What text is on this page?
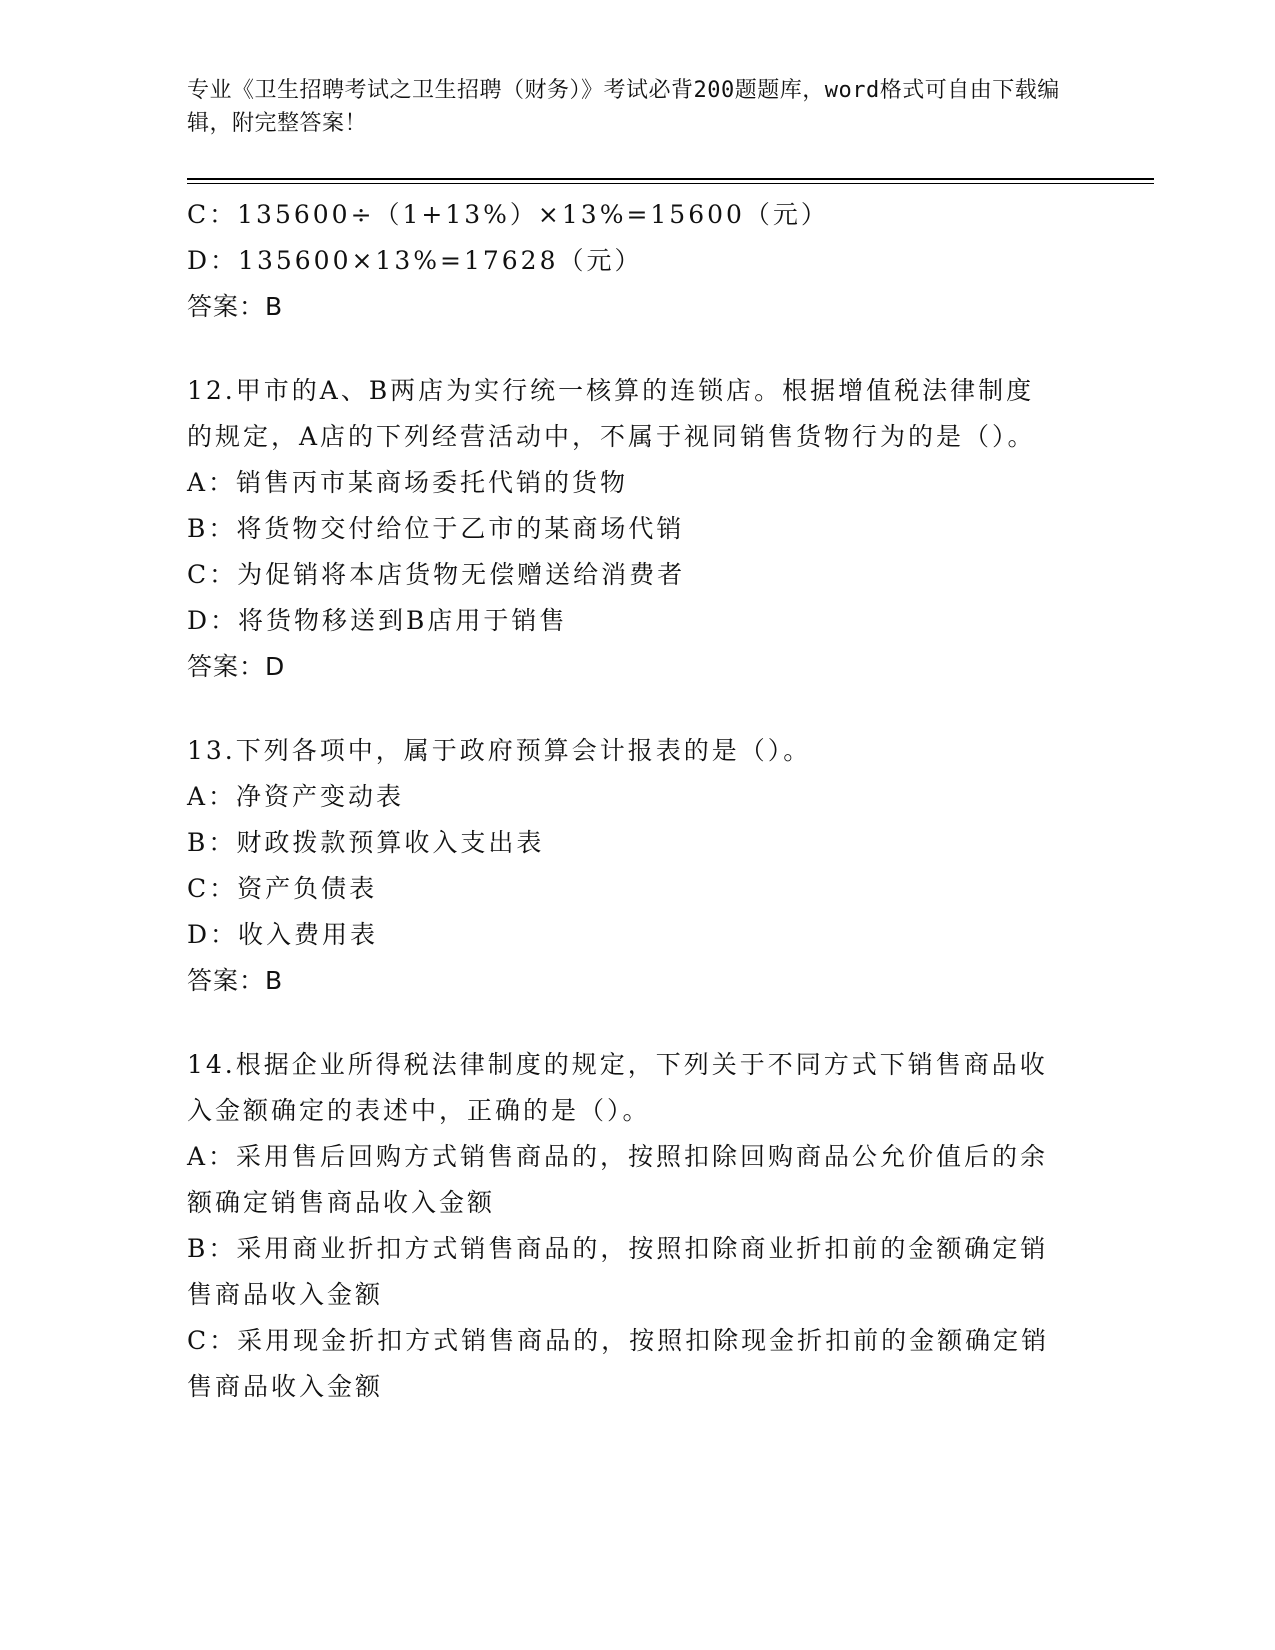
专业《卫生招聘考试之卫生招聘（财务）》考试必背200题题库，word格式可自由下载编辑，附完整答案！
C：135600÷（1+13%）×13%=15600（元）
D：135600×13%=17628（元）
答案：B
12.甲市的A、B两店为实行统一核算的连锁店。根据增值税法律制度
的规定，A店的下列经营活动中，不属于视同销售货物行为的是（）。
A：销售丙市某商场委托代销的货物
B：将货物交付给位于乙市的某商场代销
C：为促销将本店货物无偿赠送给消费者
D：将货物移送到B店用于销售
答案：D
13.下列各项中，属于政府预算会计报表的是（）。
A：净资产变动表
B：财政拨款预算收入支出表
C：资产负债表
D：收入费用表
答案：B
14.根据企业所得税法律制度的规定，下列关于不同方式下销售商品收
入金额确定的表述中，正确的是（）。
A：采用售后回购方式销售商品的，按照扣除回购商品公允价值后的余
额确定销售商品收入金额
B：采用商业折扣方式销售商品的，按照扣除商业折扣前的金额确定销
售商品收入金额
C：采用现金折扣方式销售商品的，按照扣除现金折扣前的金额确定销
售商品收入金额
